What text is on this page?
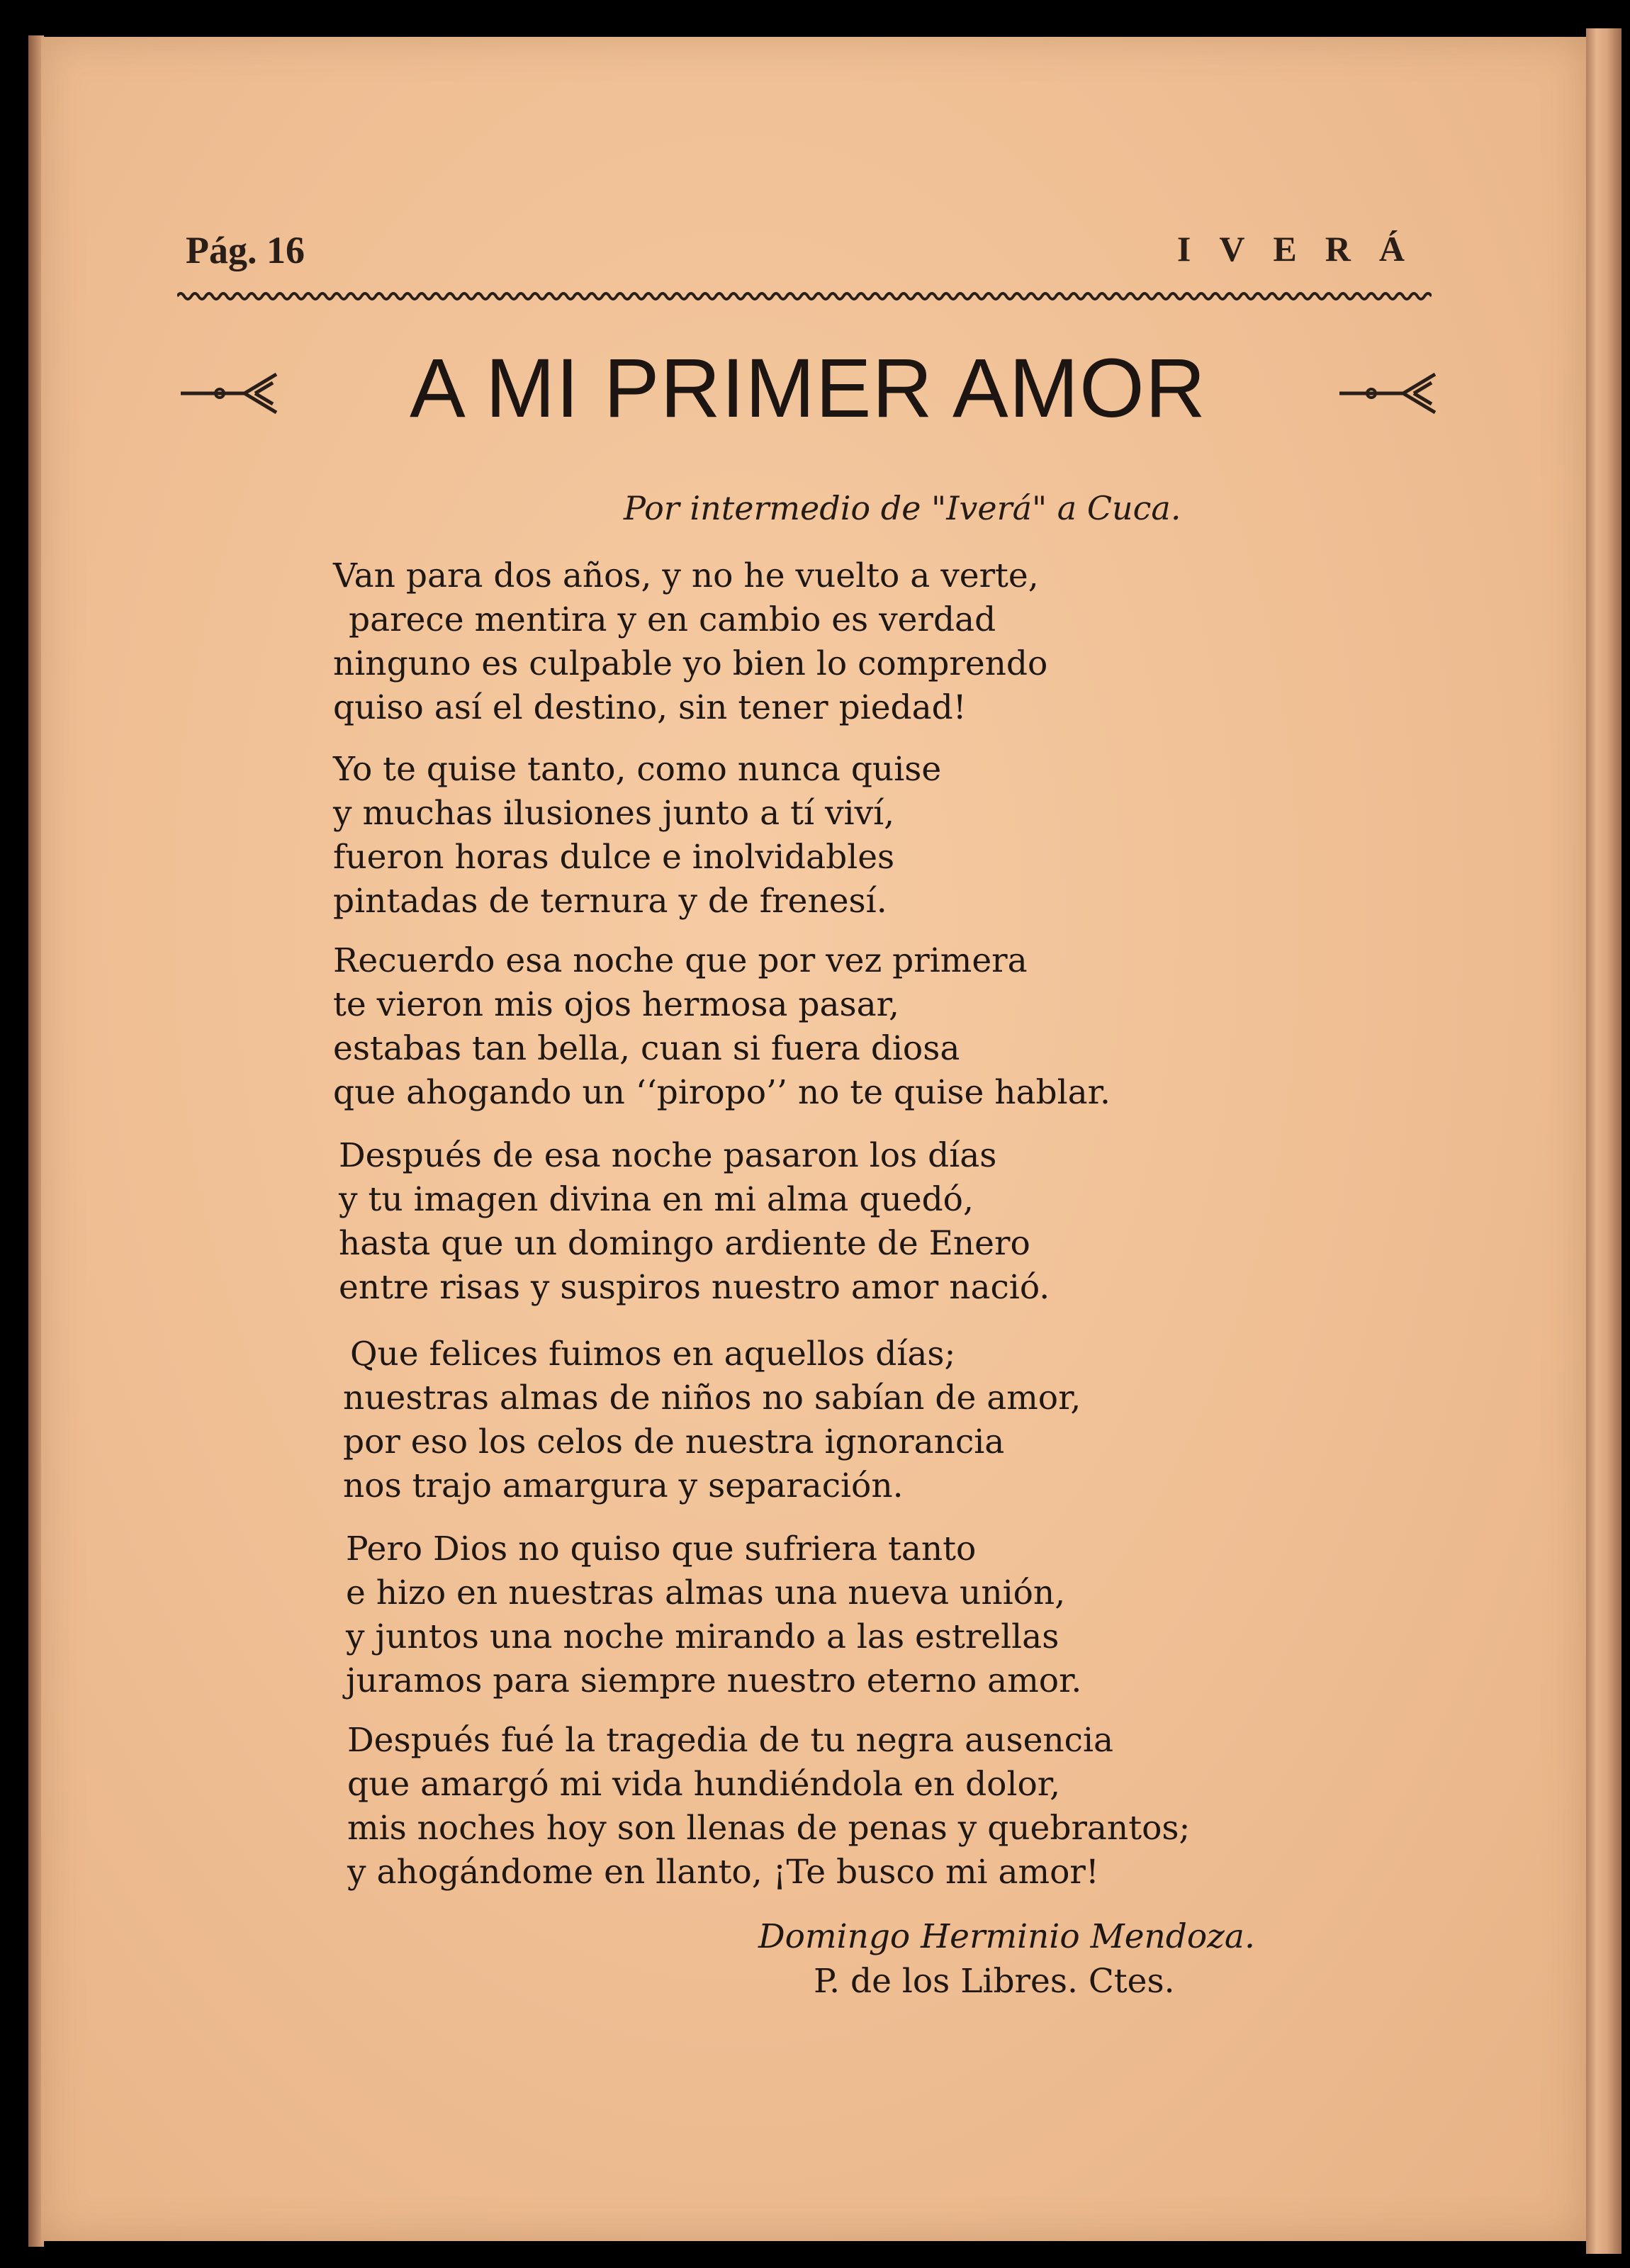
Pág. 16	IVERÁ
A MI PRIMER AMOR
Por intermedio de "Iverá" a Cuca.
Van para dos años, y no he vuelto a verte,
parece mentira y en cambio es verdad
ninguno es culpable yo bien lo comprendo
quiso así el destino, sin tener piedad!
Yo te quise tanto, como nunca quise
y muchas ilusiones junto a tí viví,
fueron horas dulce e inolvidables
pintadas de ternura y de frenesí.
Recuerdo esa noche que por vez primera
te vieron mis ojos hermosa pasar,
estabas tan bella, cuan si fuera diosa
que ahogando un ‘‘piropo’’ no te quise hablar.
Después de esa noche pasaron los días
y tu imagen divina en mi alma quedó,
hasta que un domingo ardiente de Enero
entre risas y suspiros nuestro amor nació.
Que felices fuimos en aquellos días;
nuestras almas de niños no sabían de amor,
por eso los celos de nuestra ignorancia
nos trajo amargura y separación.
Pero Dios no quiso que sufriera tanto
e hizo en nuestras almas una nueva unión,
y juntos una noche mirando a las estrellas
juramos para siempre nuestro eterno amor.
Después fué la tragedia de tu negra ausencia
que amargó mi vida hundiéndola en dolor,
mis noches hoy son llenas de penas y quebrantos;
y ahogándome en llanto, ¡Te busco mi amor!
Domingo Herminio Mendoza.
P. de los Libres. Ctes.
